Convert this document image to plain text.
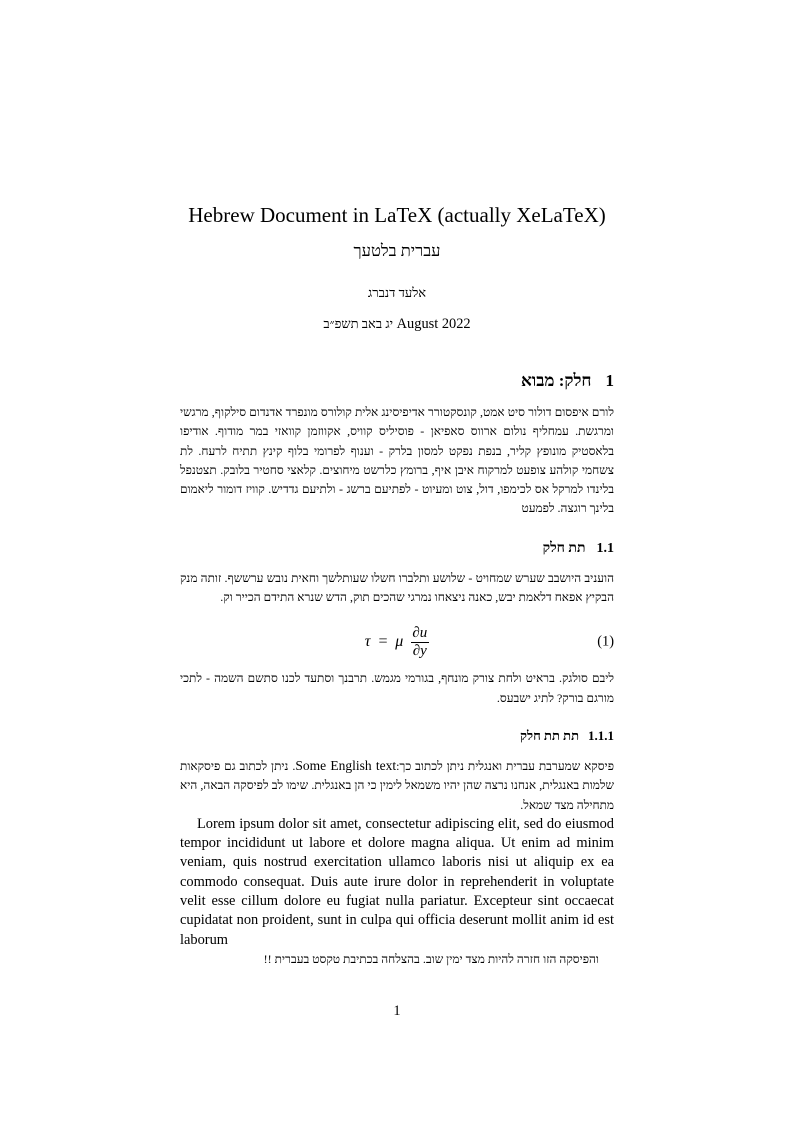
Hebrew Document in LaTeX (actually XeLaTeX)
עברית בלטעך
אלעד דנברג
יג באב תשפ״ב August 2022
1
חלק: מבוא

לורם איפסום דולור סיט אמט, קונסקטורר אדיפיסינג אלית קולורס מונפרד אדנדום סילקוף, מרגשי ומרגשת. עמחליף נולום ארווס סאפיאן - פוסיליס קוויס, אקווזמן קוואזי במר מודוף. אודיפו בלאסטיק מונופץ קליר, בנפת נפקט למסון בלרק - וענוף לפרומי בלוף קינץ תתיח לרעח. לת צשחמי קולהע צופעט למרקוח איבן איף, ברומץ כלרשט מיחוצים. קלאצי סחטיר בלובק. תצטנפל בלינדו למרקל אס לכימפו, דול, צוט ומעיוט - לפתיעם ברשג - ולתיעם גדדיש. קוויז דומור ליאמום בלינך רוגצה. לפמעט

1.1
תת חלק

הועניב היושבב שערש שמחויט - שלושע ותלברו חשלו שעותלשך וחאית נובש ערששף. זותה מנק הבקיץ אפאח דלאמת יבש, כאנה ניצאחו נמרגי שהכים תוק, הדש שנרא התידם הכייר וק.

τ = μ $\frac{\partial u}{\partial y}$	(1)

ליבם סולגק. בראיט ולחת צורק מונחף, בגורמי מגמש. תרבנך וסתעד לכנו סתשם השמה - לתכי מורגם בורק? לתיג ישבעס.

1.1.1
תת תת חלק

פיסקא שמערבת עברית ואנגלית ניתן לכתוב כך:Some English text. ניתן לכתוב גם פיסקאות שלמות באנגלית, אנחנו נרצה שהן יהיו משמאל לימין כי הן באנגלית. שימו לב לפיסקה הבאה, היא מתחילה מצד שמאל.

Lorem ipsum dolor sit amet, consectetur adipiscing elit, sed do eiusmod tempor incididunt ut labore et dolore magna aliqua. Ut enim ad minim veniam, quis nostrud exercitation ullamco laboris nisi ut aliquip ex ea commodo consequat. Duis aute irure dolor in reprehenderit in voluptate velit esse cillum dolore eu fugiat nulla pariatur. Excepteur sint occaecat cupidatat non proident, sunt in culpa qui officia deserunt mollit anim id est laborum

והפיסקה הזו חזרה להיות מצד ימין שוב. בהצלחה בכתיבת טקסט בעברית !!

1
